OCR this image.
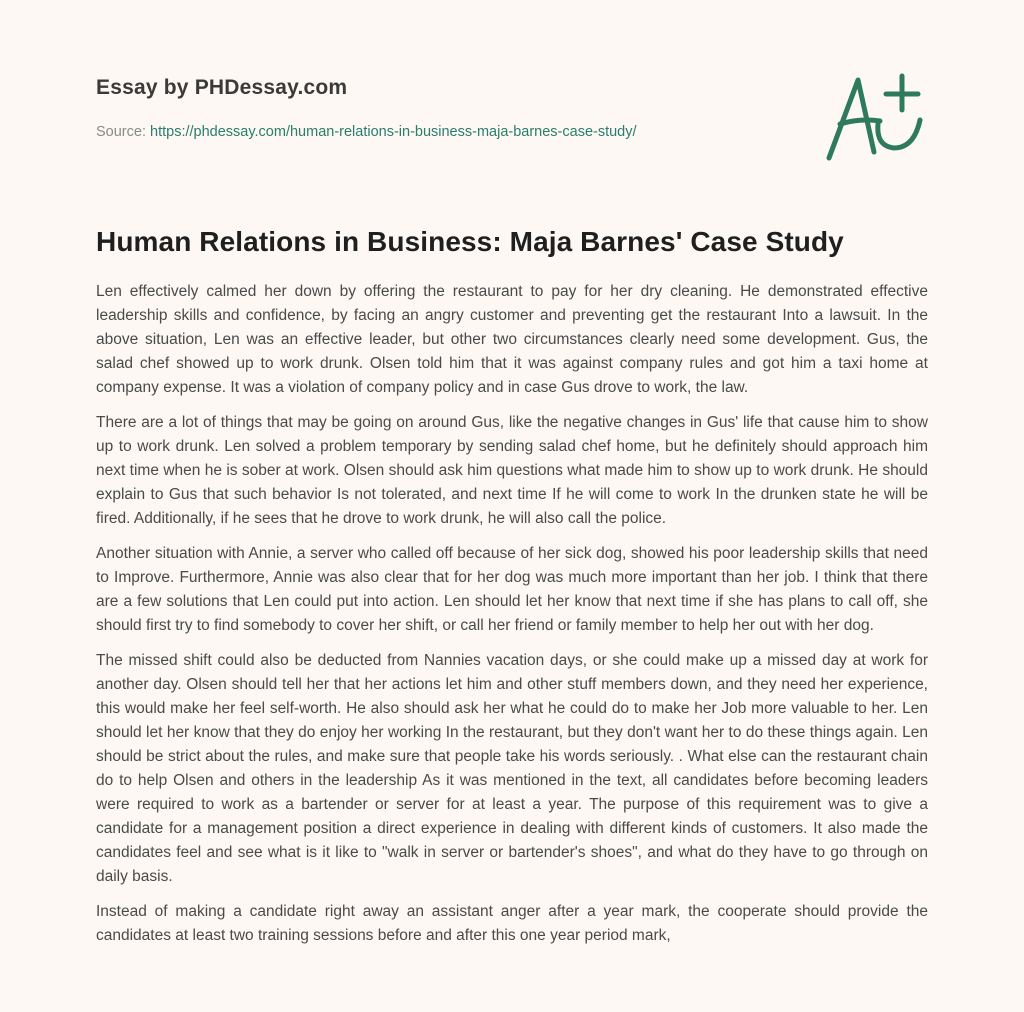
Essay by PHDessay.com
Source: https://phdessay.com/human-relations-in-business-maja-barnes-case-study/
Human Relations in Business: Maja Barnes' Case Study

Len effectively calmed her down by offering the restaurant to pay for her dry cleaning. He demonstrated effective leadership skills and confidence, by facing an angry customer and preventing get the restaurant Into a lawsuit. In the above situation, Len was an effective leader, but other two circumstances clearly need some development. Gus, the salad chef showed up to work drunk. Olsen told him that it was against company rules and got him a taxi home at company expense. It was a violation of company policy and in case Gus drove to work, the law.

There are a lot of things that may be going on around Gus, like the negative changes in Gus' life that cause him to show up to work drunk. Len solved a problem temporary by sending salad chef home, but he definitely should approach him next time when he is sober at work. Olsen should ask him questions what made him to show up to work drunk. He should explain to Gus that such behavior Is not tolerated, and next time If he will come to work In the drunken state he will be fired. Additionally, if he sees that he drove to work drunk, he will also call the police.

Another situation with Annie, a server who called off because of her sick dog, showed his poor leadership skills that need to Improve. Furthermore, Annie was also clear that for her dog was much more important than her job. I think that there are a few solutions that Len could put into action. Len should let her know that next time if she has plans to call off, she should first try to find somebody to cover her shift, or call her friend or family member to help her out with her dog.

The missed shift could also be deducted from Nannies vacation days, or she could make up a missed day at work for another day. Olsen should tell her that her actions let him and other stuff members down, and they need her experience, this would make her feel self-worth. He also should ask her what he could do to make her Job more valuable to her. Len should let her know that they do enjoy her working In the restaurant, but they don't want her to do these things again. Len should be strict about the rules, and make sure that people take his words seriously. . What else can the restaurant chain do to help Olsen and others in the leadership As it was mentioned in the text, all candidates before becoming leaders were required to work as a bartender or server for at least a year. The purpose of this requirement was to give a candidate for a management position a direct experience in dealing with different kinds of customers. It also made the candidates feel and see what is it like to "walk in server or bartender's shoes", and what do they have to go through on daily basis.

Instead of making a candidate right away an assistant anger after a year mark, the cooperate should provide the candidates at least two training sessions before and after this one year period mark,
